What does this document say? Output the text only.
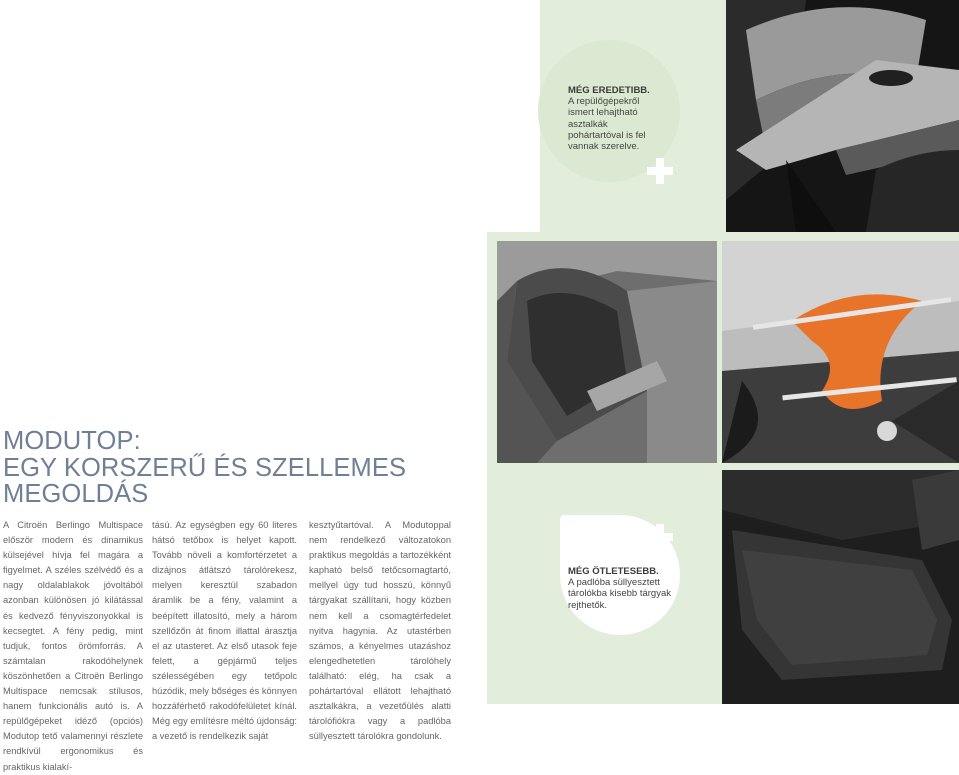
MÉG EREDETIBB.
A repülőgépekről ismert lehajtható asztalkák pohártartóval is fel vannak szerelve.
MÉG ÖTLETESEBB.
A padlóba süllyesztett tárolókba kisebb tárgyak rejthetők.
MODUTOP:
EGY KORSZERŰ ÉS SZELLEMES
MEGOLDÁS

A Citroën Berlingo Multispace először modern és dinamikus külsejével hívja fel magára a figyelmet. A széles szélvédő és a nagy oldalablakok jóvoltából azonban különösen jó kilátással és kedvező fényviszonyokkal is kecsegtet. A fény pedig, mint tudjuk, fontos örömforrás. A számtalan rakodóhelynek köszönhetően a Citroën Berlingo Multispace nemcsak stílusos, hanem funkcionális autó is. A repülőgépeket idéző (opciós) Modutop tető valamennyi részlete rendkívül ergonomikus és praktikus kialakí-

tású. Az egységben egy 60 literes hátsó tetőbox is helyet kapott. Tovább növeli a komfortérzetet a dizájnos átlátszó tárolórekesz, melyen keresztül szabadon áramlik be a fény, valamint a beépített illatosító, mely a három szellőzőn át finom illattal árasztja el az utasteret. Az első utasok feje felett, a gépjármű teljes szélességében egy tetőpolc húzódik, mely bőséges és könnyen hozzáférhető rakodófelületet kínál. Még egy említésre méltó újdonság: a vezető is rendelkezik saját

kesztyűtartóval. A Modutoppal nem rendelkező változatokon praktikus megoldás a tartozékként kapható belső tetőcsomagtartó, mellyel úgy tud hosszú, könnyű tárgyakat szállítani, hogy közben nem kell a csomagtérfedelet nyitva hagynia. Az utastérben számos, a kényelmes utazáshoz elengedhetetlen tárolóhely található: elég, ha csak a pohártartóval ellátott lehajtható asztalkákra, a vezetőülés alatti tárolófiókra vagy a padlóba süllyesztett tárolókra gondolunk.
